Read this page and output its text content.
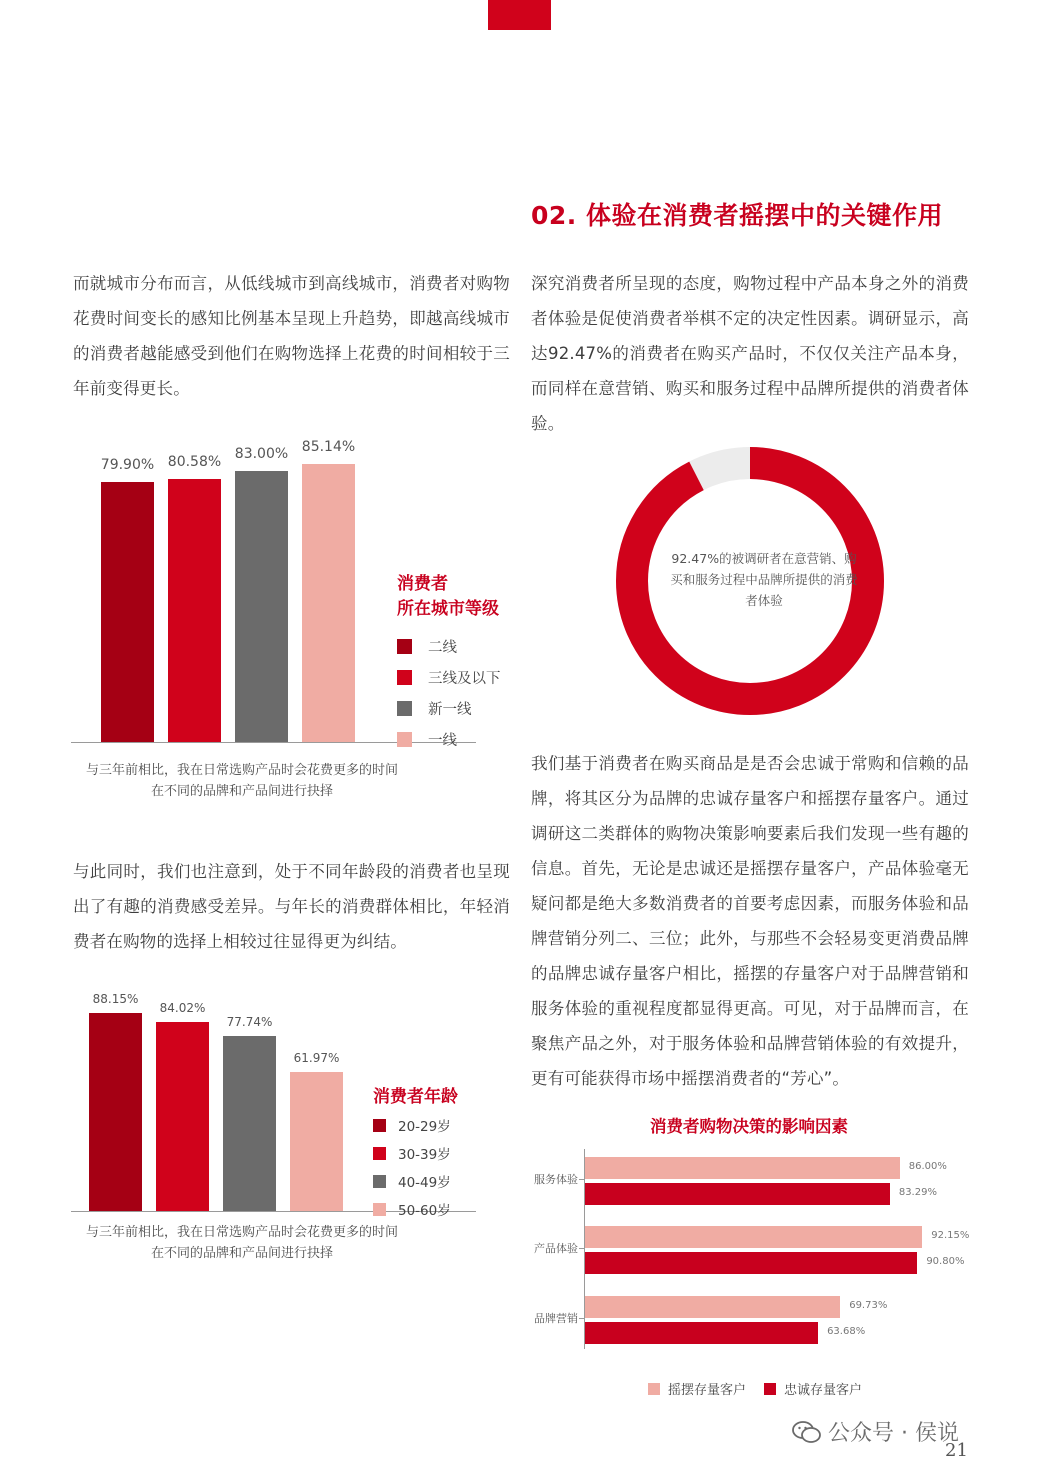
而就城市分布而言，从低线城市到高线城市，消费者对购物花费时间变长的感知比例基本呈现上升趋势，即越高线城市的消费者越能感受到他们在购物选择上花费的时间相较于三年前变得更长。
79.90% 80.58% 83.00% 85.14%
消费者
所在城市等级
二线
三线及以下
新一线
一线
与三年前相比，我在日常选购产品时会花费更多的时间
在不同的品牌和产品间进行抉择
与此同时，我们也注意到，处于不同年龄段的消费者也呈现出了有趣的消费感受差异。与年长的消费群体相比，年轻消费者在购物的选择上相较过往显得更为纠结。
88.15%
84.02%
77.74%
61.97%
消费者年龄
20-29岁
30-39岁
40-49岁
50-60岁
与三年前相比，我在日常选购产品时会花费更多的时间
在不同的品牌和产品间进行抉择
02. 体验在消费者摇摆中的关键作用
深究消费者所呈现的态度，购物过程中产品本身之外的消费者体验是促使消费者举棋不定的决定性因素。调研显示，高达92.47%的消费者在购买产品时，不仅仅关注产品本身，而同样在意营销、购买和服务过程中品牌所提供的消费者体验。
92.47%的被调研者在意营销、购买和服务过程中品牌所提供的消费者体验
我们基于消费者在购买商品是是否会忠诚于常购和信赖的品牌，将其区分为品牌的忠诚存量客户和摇摆存量客户。通过调研这二类群体的购物决策影响要素后我们发现一些有趣的信息。首先，无论是忠诚还是摇摆存量客户，产品体验毫无疑问都是绝大多数消费者的首要考虑因素，而服务体验和品牌营销分列二、三位；此外，与那些不会轻易变更消费品牌的品牌忠诚存量客户相比，摇摆的存量客户对于品牌营销和服务体验的重视程度都显得更高。可见，对于品牌而言，在聚焦产品之外，对于服务体验和品牌营销体验的有效提升，更有可能获得市场中摇摆消费者的“芳心”。
消费者购物决策的影响因素
服务体验
86.00%
83.29%
产品体验
92.15%
90.80%
品牌营销
69.73%
63.68%
摇摆存量客户	忠诚存量客户
公众号 · 侯说
21
